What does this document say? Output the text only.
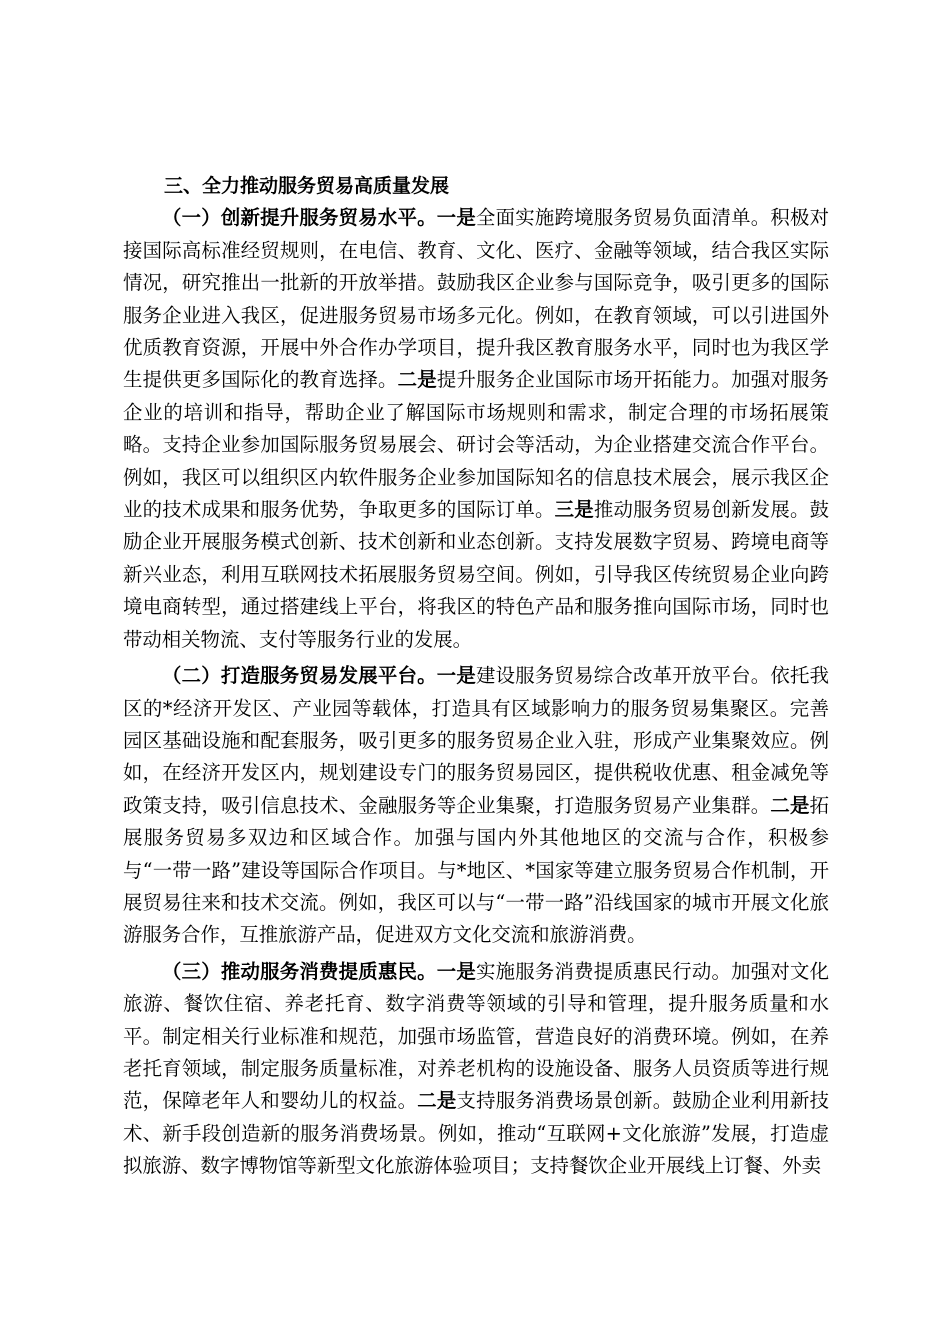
三、全力推动服务贸易高质量发展

（一）创新提升服务贸易水平。一是全面实施跨境服务贸易负面清单。积极对接国际高标准经贸规则，在电信、教育、文化、医疗、金融等领域，结合我区实际情况，研究推出一批新的开放举措。鼓励我区企业参与国际竞争，吸引更多的国际服务企业进入我区，促进服务贸易市场多元化。例如，在教育领域，可以引进国外优质教育资源，开展中外合作办学项目，提升我区教育服务水平，同时也为我区学生提供更多国际化的教育选择。二是提升服务企业国际市场开拓能力。加强对服务企业的培训和指导，帮助企业了解国际市场规则和需求，制定合理的市场拓展策略。支持企业参加国际服务贸易展会、研讨会等活动，为企业搭建交流合作平台。例如，我区可以组织区内软件服务企业参加国际知名的信息技术展会，展示我区企业的技术成果和服务优势，争取更多的国际订单。三是推动服务贸易创新发展。鼓励企业开展服务模式创新、技术创新和业态创新。支持发展数字贸易、跨境电商等新兴业态，利用互联网技术拓展服务贸易空间。例如，引导我区传统贸易企业向跨境电商转型，通过搭建线上平台，将我区的特色产品和服务推向国际市场，同时也带动相关物流、支付等服务行业的发展。

（二）打造服务贸易发展平台。一是建设服务贸易综合改革开放平台。依托我区的*经济开发区、产业园等载体，打造具有区域影响力的服务贸易集聚区。完善园区基础设施和配套服务，吸引更多的服务贸易企业入驻，形成产业集聚效应。例如，在经济开发区内，规划建设专门的服务贸易园区，提供税收优惠、租金减免等政策支持，吸引信息技术、金融服务等企业集聚，打造服务贸易产业集群。二是拓展服务贸易多双边和区域合作。加强与国内外其他地区的交流与合作，积极参与“一带一路”建设等国际合作项目。与*地区、*国家等建立服务贸易合作机制，开展贸易往来和技术交流。例如，我区可以与“一带一路”沿线国家的城市开展文化旅游服务合作，互推旅游产品，促进双方文化交流和旅游消费。

（三）推动服务消费提质惠民。一是实施服务消费提质惠民行动。加强对文化旅游、餐饮住宿、养老托育、数字消费等领域的引导和管理，提升服务质量和水平。制定相关行业标准和规范，加强市场监管，营造良好的消费环境。例如，在养老托育领域，制定服务质量标准，对养老机构的设施设备、服务人员资质等进行规范，保障老年人和婴幼儿的权益。二是支持服务消费场景创新。鼓励企业利用新技术、新手段创造新的服务消费场景。例如，推动“互联网+文化旅游”发展，打造虚拟旅游、数字博物馆等新型文化旅游体验项目；支持餐饮企业开展线上订餐、外卖
